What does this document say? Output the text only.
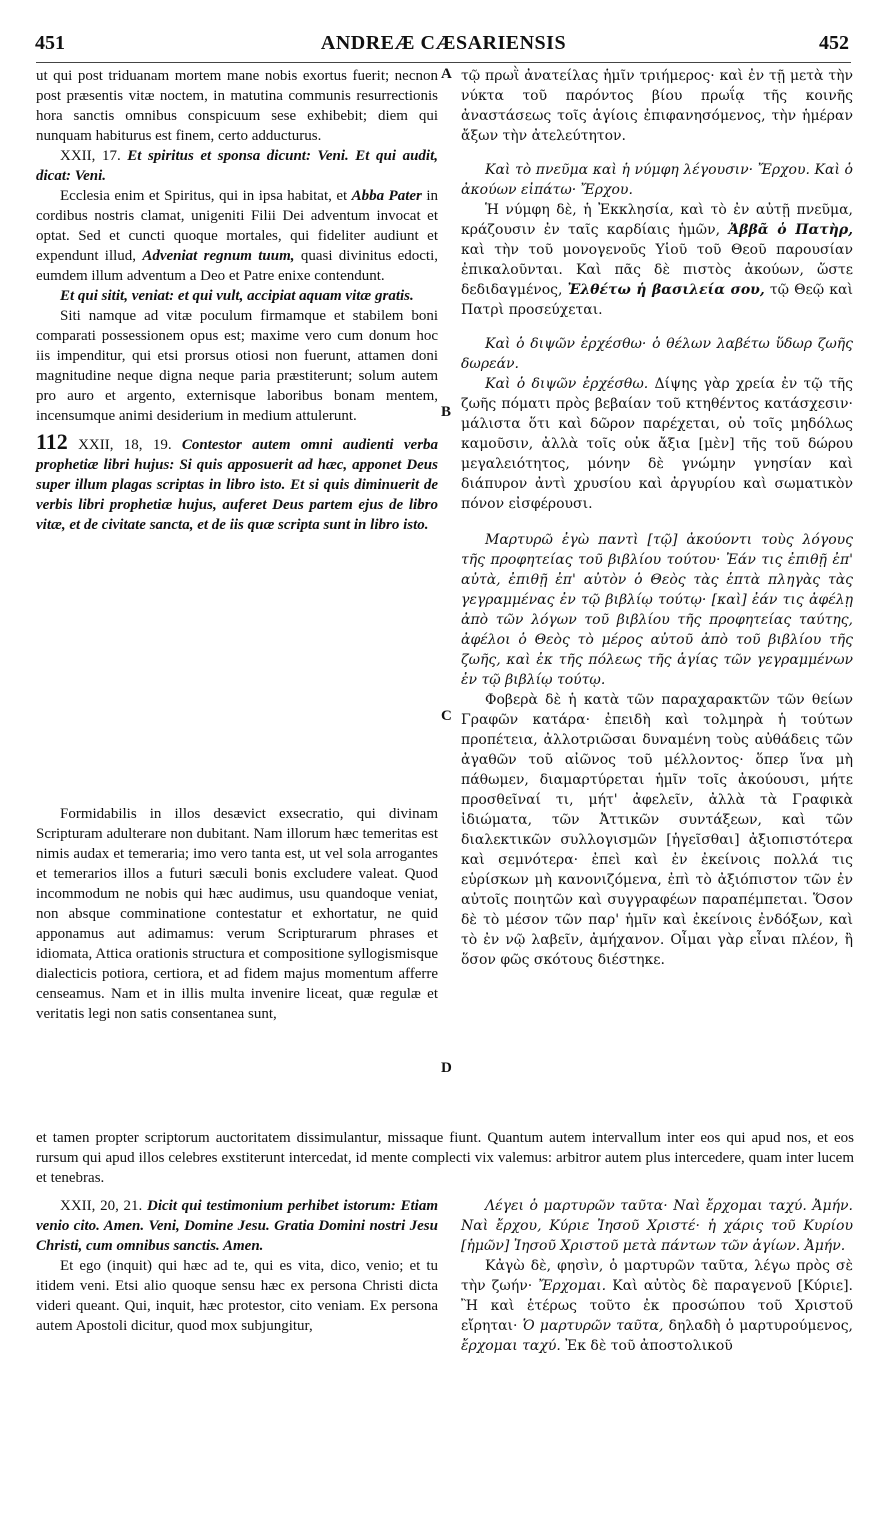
451	ANDREÆ CÆSARIENSIS	452
A
B
C
D

ut qui post triduanam mortem mane nobis exortus fuerit; necnon post præsentis vitæ noctem, in matutina communis resurrectionis hora sanctis omnibus conspicuum sese exhibebit; diem qui nunquam habiturus est finem, certo adducturus.

XXII, 17. Et spiritus et sponsa dicunt: Veni. Et qui audit, dicat: Veni.

Ecclesia enim et Spiritus, qui in ipsa habitat, et Abba Pater in cordibus nostris clamat, unigeniti Filii Dei adventum invocat et optat. Sed et cuncti quoque mortales, qui fideliter audiunt et expendunt illud, Adveniat regnum tuum, quasi divinitus edocti, eumdem illum adventum a Deo et Patre enixe contendunt.

Et qui sitit, veniat: et qui vult, accipiat aquam vitæ gratis.

Siti namque ad vitæ poculum firmamque et stabilem boni comparati possessionem opus est; maxime vero cum donum hoc iis impenditur, qui etsi prorsus otiosi non fuerunt, attamen doni magnitudine neque digna neque paria præstiterunt; solum autem pro auro et argento, externisque laboribus bonam mentem, incensumque animi desiderium in medium attulerunt.

112 XXII, 18, 19. Contestor autem omni audienti verba prophetiæ libri hujus: Si quis apposuerit ad hæc, apponet Deus super illum plagas scriptas in libro isto. Et si quis diminuerit de verbis libri prophetiæ hujus, auferet Deus partem ejus de libro vitæ, et de civitate sancta, et de iis quæ scripta sunt in libro isto.

Formidabilis in illos desævict exsecratio, qui divinam Scripturam adulterare non dubitant. Nam illorum hæc temeritas est nimis audax et temeraria; imo vero tanta est, ut vel sola arrogantes et temerarios illos a futuri sæculi bonis excludere valeat. Quod incommodum ne nobis qui hæc audimus, usu quandoque veniat, non absque comminatione contestatur et exhortatur, ne quid apponamus aut adimamus: verum Scripturarum phrases et idiomata, Attica orationis structura et compositione syllogismisque dialecticis potiora, certiora, et ad fidem majus momentum afferre censeamus. Nam et in illis multa invenire liceat, quæ regulæ et veritatis legi non satis consentanea sunt,

et tamen propter scriptorum auctoritatem dissimulantur, missaque fiunt. Quantum autem intervallum inter eos qui apud nos, et eos rursum qui apud illos celebres exstiterunt intercedat, id mente complecti vix valemus: arbitror autem plus intercedere, quam inter lucem et tenebras.

XXII, 20, 21. Dicit qui testimonium perhibet istorum: Etiam venio cito. Amen. Veni, Domine Jesu. Gratia Domini nostri Jesu Christi, cum omnibus sanctis. Amen.

Et ego (inquit) qui hæc ad te, qui es vita, dico, venio; et tu itidem veni. Etsi alio quoque sensu hæc ex persona Christi dicta videri queant. Qui, inquit, hæc protestor, cito veniam. Ex persona autem Apostoli dicitur, quod mox subjungitur,

τῷ πρωῒ ἀνατείλας ἡμῖν τριήμερος· καὶ ἐν τῇ μετὰ τὴν νύκτα τοῦ παρόντος βίου πρωΐᾳ τῆς κοινῆς ἀναστάσεως τοῖς ἁγίοις ἐπιφανησόμενος, τὴν ἡμέραν ἄξων τὴν ἀτελεύτητον.

Καὶ τὸ πνεῦμα καὶ ἡ νύμφη λέγουσιν· Ἔρχου. Καὶ ὁ ἀκούων εἰπάτω· Ἔρχου.

Ἡ νύμφη δὲ, ἡ Ἐκκλησία, καὶ τὸ ἐν αὐτῇ πνεῦμα, κράζουσιν ἐν ταῖς καρδίαις ἡμῶν, Ἀββᾶ ὁ Πατὴρ, καὶ τὴν τοῦ μονογενοῦς Υἱοῦ τοῦ Θεοῦ παρουσίαν ἐπικαλοῦνται. Καὶ πᾶς δὲ πιστὸς ἀκούων, ὥστε δεδιδαγμένος, Ἐλθέτω ἡ βασιλεία σου, τῷ Θεῷ καὶ Πατρὶ προσεύχεται.

Καὶ ὁ διψῶν ἐρχέσθω· ὁ θέλων λαβέτω ὕδωρ ζωῆς δωρεάν.

Καὶ ὁ διψῶν ἐρχέσθω. Δίψης γὰρ χρεία ἐν τῷ τῆς ζωῆς πόματι πρὸς βεβαίαν τοῦ κτηθέντος κατάσχεσιν· μάλιστα ὅτι καὶ δῶρον παρέχεται, οὐ τοῖς μηδόλως καμοῦσιν, ἀλλὰ τοῖς οὐκ ἄξια [μὲν] τῆς τοῦ δώρου μεγαλειότητος, μόνην δὲ γνώμην γνησίαν καὶ διάπυρον ἀντὶ χρυσίου καὶ ἀργυρίου καὶ σωματικὸν πόνον εἰσφέρουσι.

Μαρτυρῶ ἐγὼ παντὶ [τῷ] ἀκούοντι τοὺς λόγους τῆς προφητείας τοῦ βιβλίου τούτου· Ἐάν τις ἐπιθῇ ἐπ' αὐτὰ, ἐπιθῇ ἐπ' αὐτὸν ὁ Θεὸς τὰς ἑπτὰ πληγὰς τὰς γεγραμμένας ἐν τῷ βιβλίῳ τούτῳ· [καὶ] ἐάν τις ἀφέλῃ ἀπὸ τῶν λόγων τοῦ βιβλίου τῆς προφητείας ταύτης, ἀφέλοι ὁ Θεὸς τὸ μέρος αὐτοῦ ἀπὸ τοῦ βιβλίου τῆς ζωῆς, καὶ ἐκ τῆς πόλεως τῆς ἁγίας τῶν γεγραμμένων ἐν τῷ βιβλίῳ τούτῳ.

Φοβερὰ δὲ ἡ κατὰ τῶν παραχαρακτῶν τῶν θείων Γραφῶν κατάρα· ἐπειδὴ καὶ τολμηρὰ ἡ τούτων προπέτεια, ἀλλοτριῶσαι δυναμένη τοὺς αὐθάδεις τῶν ἀγαθῶν τοῦ αἰῶνος τοῦ μέλλοντος· ὅπερ ἵνα μὴ πάθωμεν, διαμαρτύρεται ἡμῖν τοῖς ἀκούουσι, μήτε προσθεῖναί τι, μήτ' ἀφελεῖν, ἀλλὰ τὰ Γραφικὰ ἰδιώματα, τῶν Ἀττικῶν συντάξεων, καὶ τῶν διαλεκτικῶν συλλογισμῶν [ἡγεῖσθαι] ἀξιοπιστότερα καὶ σεμνότερα· ἐπεὶ καὶ ἐν ἐκείνοις πολλά τις εὑρίσκων μὴ κανονιζόμενα, ἐπὶ τὸ ἀξιόπιστον τῶν ἐν αὐτοῖς ποιητῶν καὶ συγγραφέων παραπέμπεται. Ὅσον δὲ τὸ μέσον τῶν παρ' ἡμῖν καὶ ἐκείνοις ἐνδόξων, καὶ τὸ ἐν νῷ λαβεῖν, ἀμήχανον. Οἶμαι γὰρ εἶναι πλέον, ἢ ὅσον φῶς σκότους διέστηκε.

Λέγει ὁ μαρτυρῶν ταῦτα· Ναὶ ἔρχομαι ταχύ. Ἀμήν. Ναὶ ἔρχου, Κύριε Ἰησοῦ Χριστέ· ἡ χάρις τοῦ Κυρίου [ἡμῶν] Ἰησοῦ Χριστοῦ μετὰ πάντων τῶν ἁγίων. Ἀμήν.

Κἀγὼ δὲ, φησὶν, ὁ μαρτυρῶν ταῦτα, λέγω πρὸς σὲ τὴν ζωήν· Ἔρχομαι. Καὶ αὐτὸς δὲ παραγενοῦ [Κύριε]. Ἢ καὶ ἑτέρως τοῦτο ἐκ προσώπου τοῦ Χριστοῦ εἴρηται· Ὁ μαρτυρῶν ταῦτα, δηλαδὴ ὁ μαρτυρούμενος, ἔρχομαι ταχύ. Ἐκ δὲ τοῦ ἀποστολικοῦ
